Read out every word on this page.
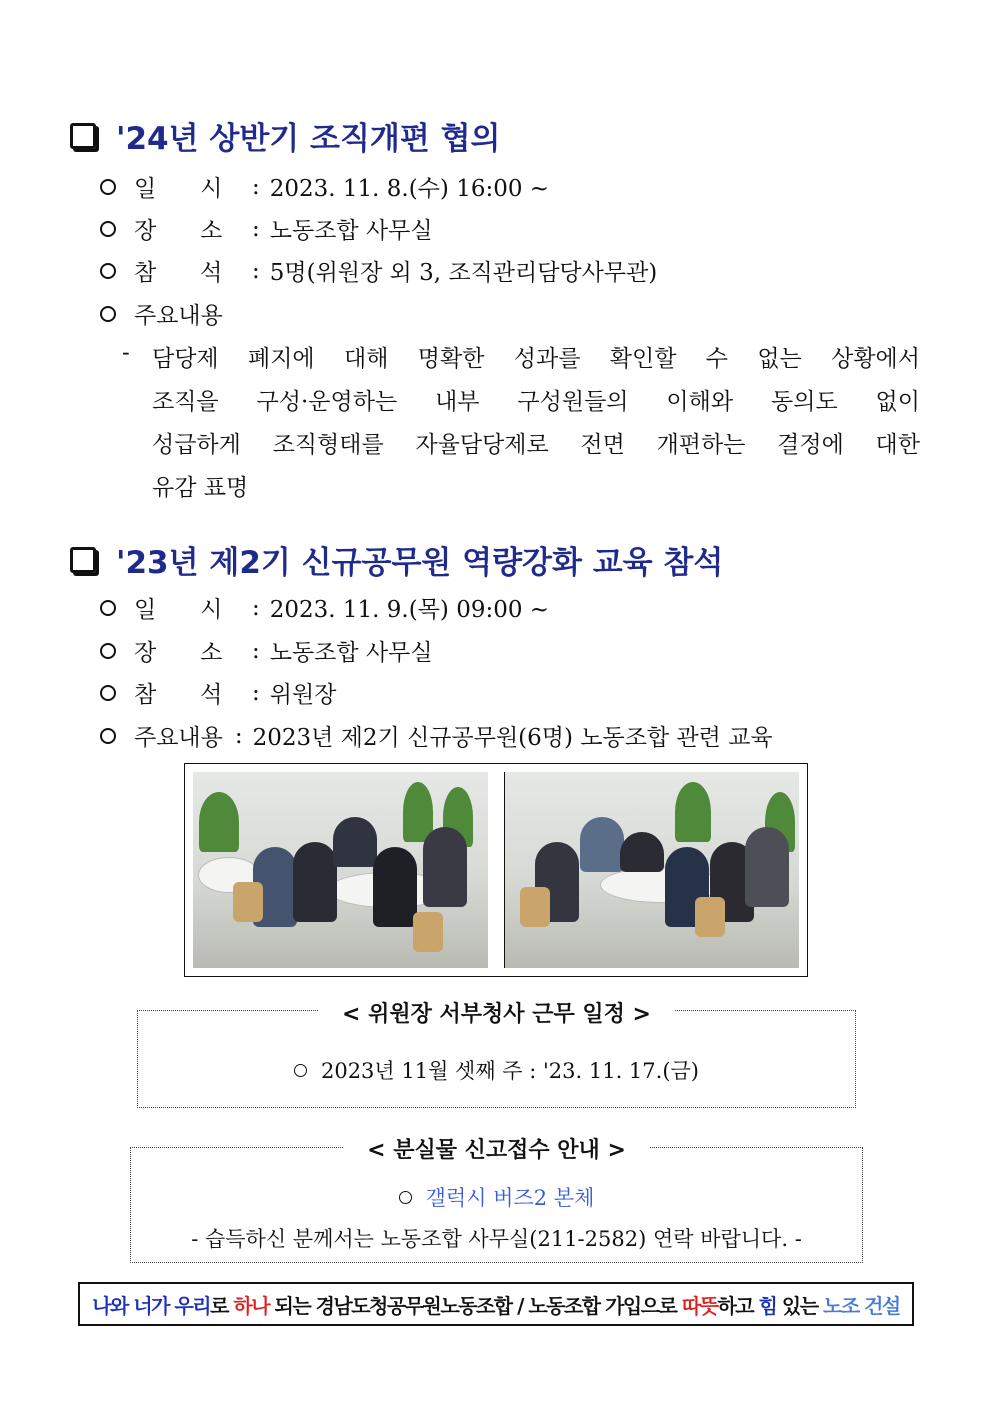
'24년 상반기 조직개편 협의
일      시	: 2023. 11. 8.(수) 16:00 ~
장      소	: 노동조합 사무실
참      석	: 5명(위원장 외 3, 조직관리담당사무관)
주요내용
- 담당제 폐지에 대해 명확한 성과를 확인할 수 없는 상황에서
조직을 구성·운영하는 내부 구성원들의 이해와 동의도 없이
성급하게 조직형태를 자율담당제로 전면 개편하는 결정에 대한
유감 표명
'23년 제2기 신규공무원 역량강화 교육 참석
일      시	: 2023. 11. 9.(목) 09:00 ~
장      소	: 노동조합 사무실
참      석	: 위원장
주요내용 : 2023년 제2기 신규공무원(6명) 노동조합 관련 교육
< 위원장 서부청사 근무 일정 >
2023년 11월 셋째 주 : '23. 11. 17.(금)
< 분실물 신고접수 안내 >
갤럭시 버즈2 본체
- 습득하신 분께서는 노동조합 사무실(211-2582) 연락 바랍니다. -
나와 너가 우리 로 하나 되는 경남도청공무원노동조합 / 노동조합 가입으로 따뜻 하고 힘 있는 노조 건설
